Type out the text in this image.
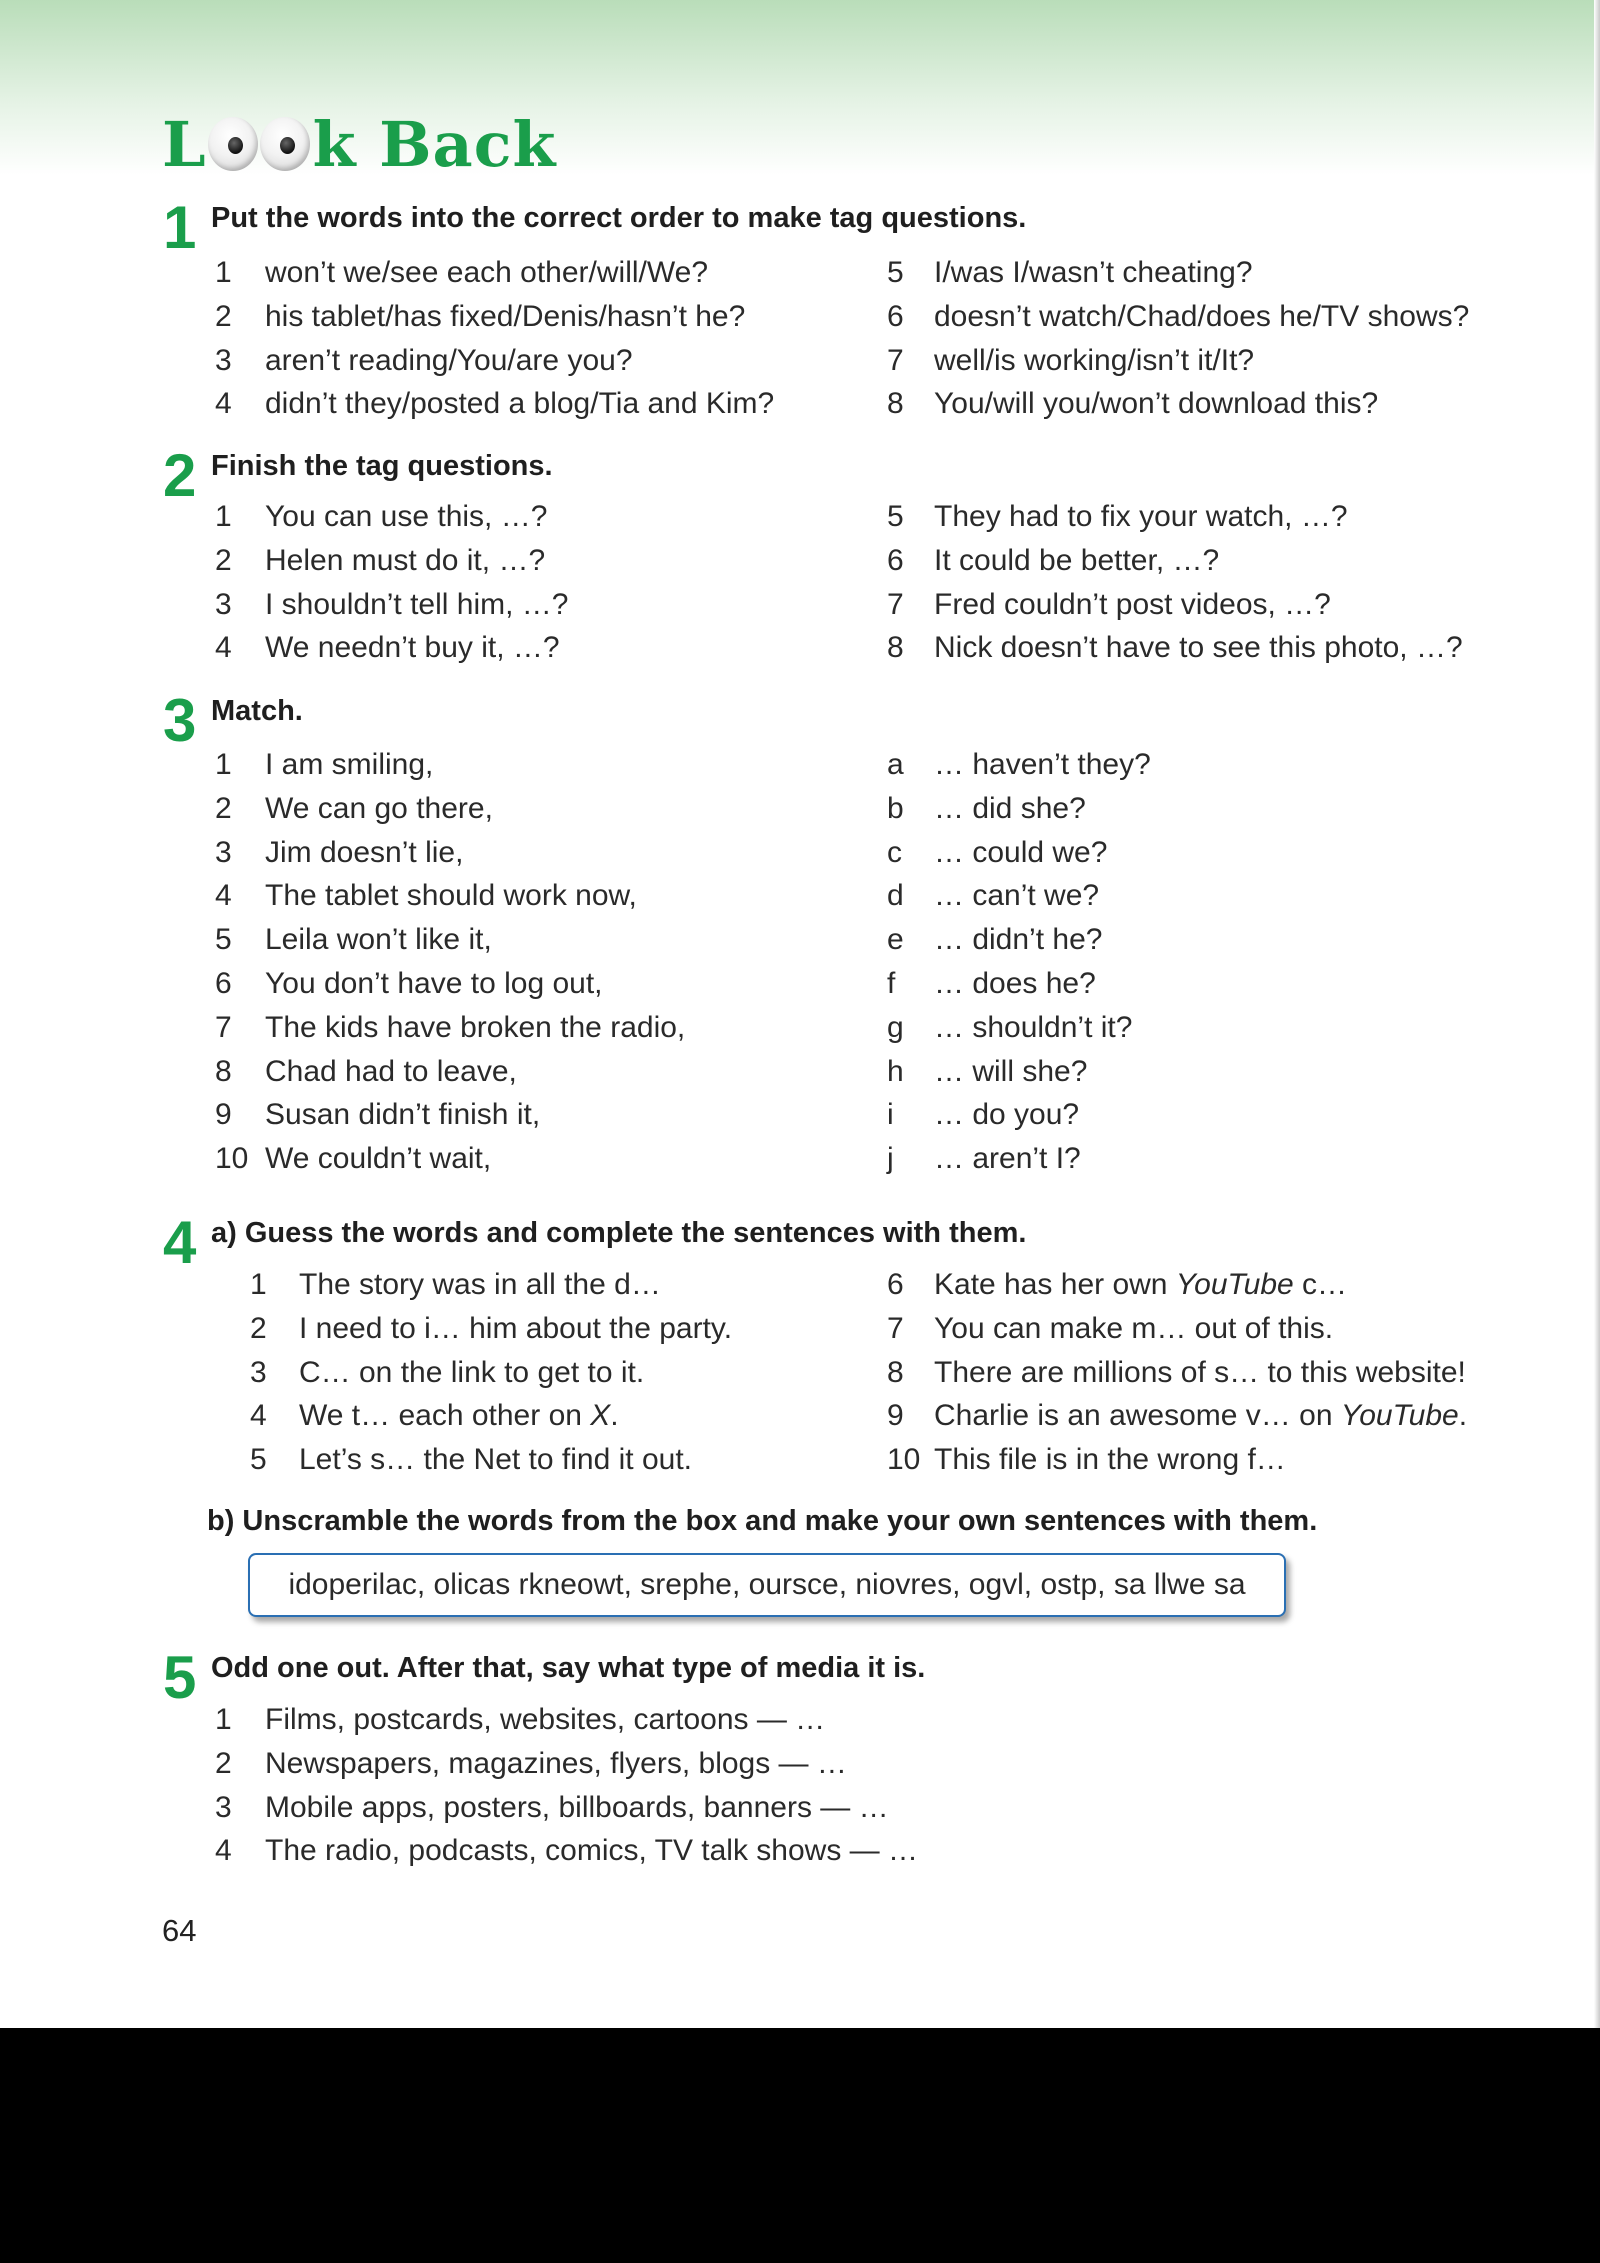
L k Back
1 Put the words into the correct order to make tag questions.
1 won’t we/see each other/will/We?
2 his tablet/has fixed/Denis/hasn’t he?
3 aren’t reading/You/are you?
4 didn’t they/posted a blog/Tia and Kim?
5 I/was I/wasn’t cheating?
6 doesn’t watch/Chad/does he/TV shows?
7 well/is working/isn’t it/It?
8 You/will you/won’t download this?
2 Finish the tag questions.
1 You can use this, …?
2 Helen must do it, …?
3 I shouldn’t tell him, …?
4 We needn’t buy it, …?
5 They had to fix your watch, …?
6 It could be better, …?
7 Fred couldn’t post videos, …?
8 Nick doesn’t have to see this photo, …?
3 Match.
1 I am smiling,
2 We can go there,
3 Jim doesn’t lie,
4 The tablet should work now,
5 Leila won’t like it,
6 You don’t have to log out,
7 The kids have broken the radio,
8 Chad had to leave,
9 Susan didn’t finish it,
10 We couldn’t wait,
a … haven’t they?
b … did she?
c … could we?
d … can’t we?
e … didn’t he?
f … does he?
g … shouldn’t it?
h … will she?
i … do you?
j … aren’t I?
4 a) Guess the words and complete the sentences with them.
1 The story was in all the d…
2 I need to i… him about the party.
3 C… on the link to get to it.
4 We t… each other on X.
5 Let’s s… the Net to find it out.
6 Kate has her own YouTube c…
7 You can make m… out of this.
8 There are millions of s… to this website!
9 Charlie is an awesome v… on YouTube.
10 This file is in the wrong f…
b) Unscramble the words from the box and make your own sentences with them.
idoperilac, olicas rkneowt, srephe, oursce, niovres, ogvl, ostp, sa llwe sa
5 Odd one out. After that, say what type of media it is.
1 Films, postcards, websites, cartoons — …
2 Newspapers, magazines, flyers, blogs — …
3 Mobile apps, posters, billboards, banners — …
4 The radio, podcasts, comics, TV talk shows — …
64
